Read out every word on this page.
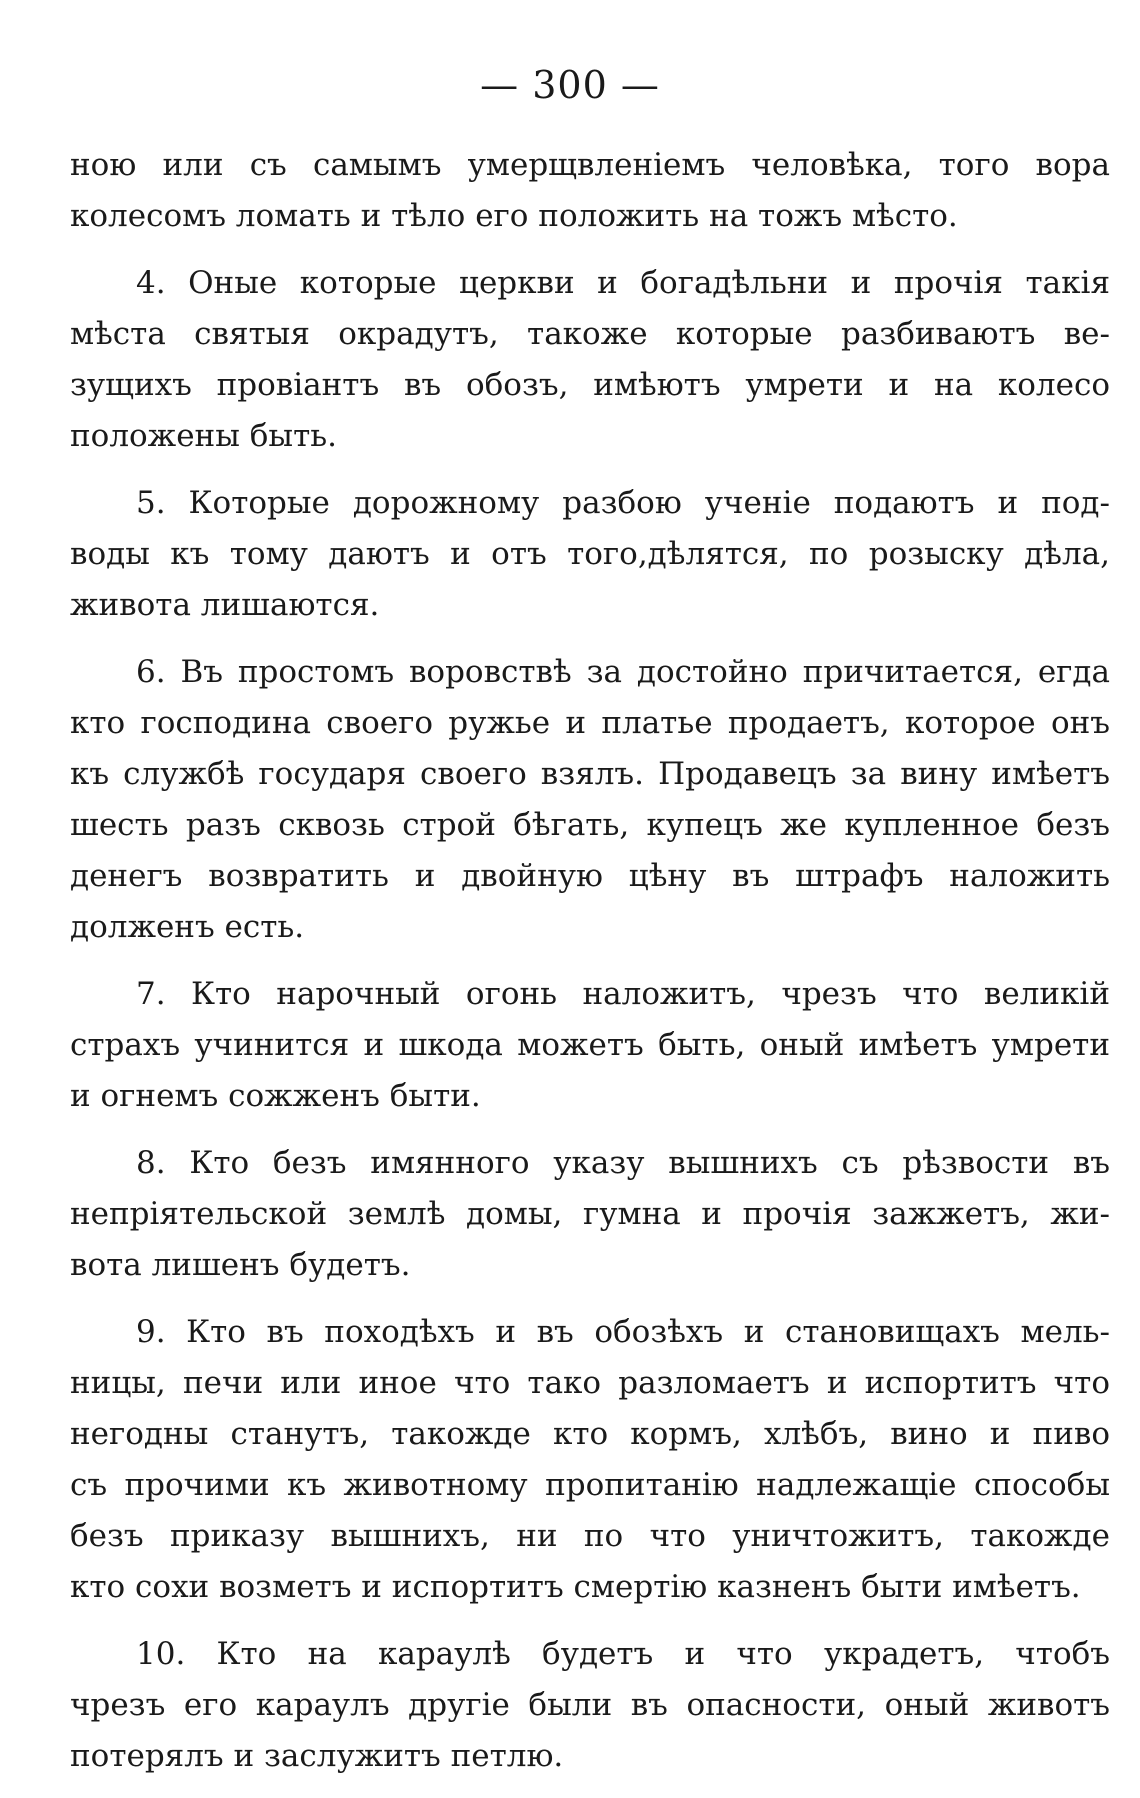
— 300 —
ною или съ самымъ умерщвленіемъ человѣка, того вора
колесомъ ломать и тѣло его положить на тожъ мѣсто.
4. Оные которые церкви и богадѣльни и прочія такія
мѣста святыя окрадутъ, такоже которые разбиваютъ ве-
зущихъ провіантъ въ обозъ, имѣютъ умрети и на колесо
положены быть.
5. Которые дорожному разбою ученіе подаютъ и под-
воды къ тому даютъ и отъ того,дѣлятся, по розыску дѣла,
живота лишаются.
6. Въ простомъ воровствѣ за достойно причитается, егда
кто господина своего ружье и платье продаетъ, которое онъ
къ службѣ государя своего взялъ. Продавецъ за вину имѣетъ
шесть разъ сквозь строй бѣгать, купецъ же купленное безъ
денегъ возвратить и двойную цѣну въ штрафъ наложить
долженъ есть.
7. Кто нарочный огонь наложитъ, чрезъ что великій
страхъ учинится и шкода можетъ быть, оный имѣетъ умрети
и огнемъ сожженъ быти.
8. Кто безъ имянного указу вышнихъ съ рѣзвости въ
непріятельской землѣ домы, гумна и прочія зажжетъ, жи-
вота лишенъ будетъ.
9. Кто въ походѣхъ и въ обозѣхъ и становищахъ мель-
ницы, печи или иное что тако разломаетъ и испортитъ что
негодны станутъ, такожде кто кормъ, хлѣбъ, вино и пиво
съ прочими къ животному пропитанію надлежащіе способы
безъ приказу вышнихъ, ни по что уничтожитъ, такожде
кто сохи возметъ и испортитъ смертію казненъ быти имѣетъ.
10. Кто на караулѣ будетъ и что украдетъ, чтобъ
чрезъ его караулъ другіе были въ опасности, оный животъ
потерялъ и заслужитъ петлю.
